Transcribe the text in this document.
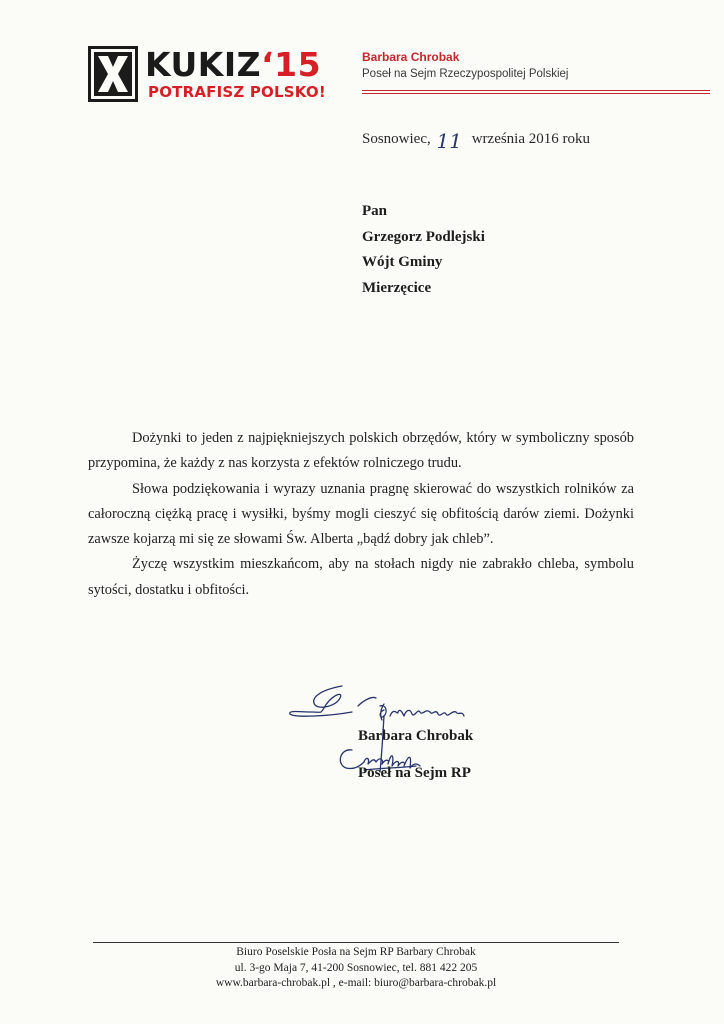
KUKIZ‘15
POTRAFISZ POLSKO!
Barbara Chrobak
Poseł na Sejm Rzeczypospolitej Polskiej
Sosnowiec, 11 września 2016 roku
Pan
Grzegorz Podlejski
Wójt Gminy
Mierzęcice

Dożynki to jeden z najpiękniejszych polskich obrzędów, który w symboliczny sposób przypomina, że każdy z nas korzysta z efektów rolniczego trudu.

Słowa podziękowania i wyrazy uznania pragnę skierować do wszystkich rolników za całoroczną ciężką pracę i wysiłki, byśmy mogli cieszyć się obfitością darów ziemi. Dożynki zawsze kojarzą mi się ze słowami Św. Alberta „bądź dobry jak chleb”.

Życzę wszystkim mieszkańcom, aby na stołach nigdy nie zabrakło chleba, symbolu sytości, dostatku i obfitości.

Barbara Chrobak
Poseł na Sejm RP
Biuro Poselskie Posła na Sejm RP Barbary Chrobak
ul. 3-go Maja 7, 41-200 Sosnowiec, tel. 881 422 205
www.barbara-chrobak.pl , e-mail: biuro@barbara-chrobak.pl
